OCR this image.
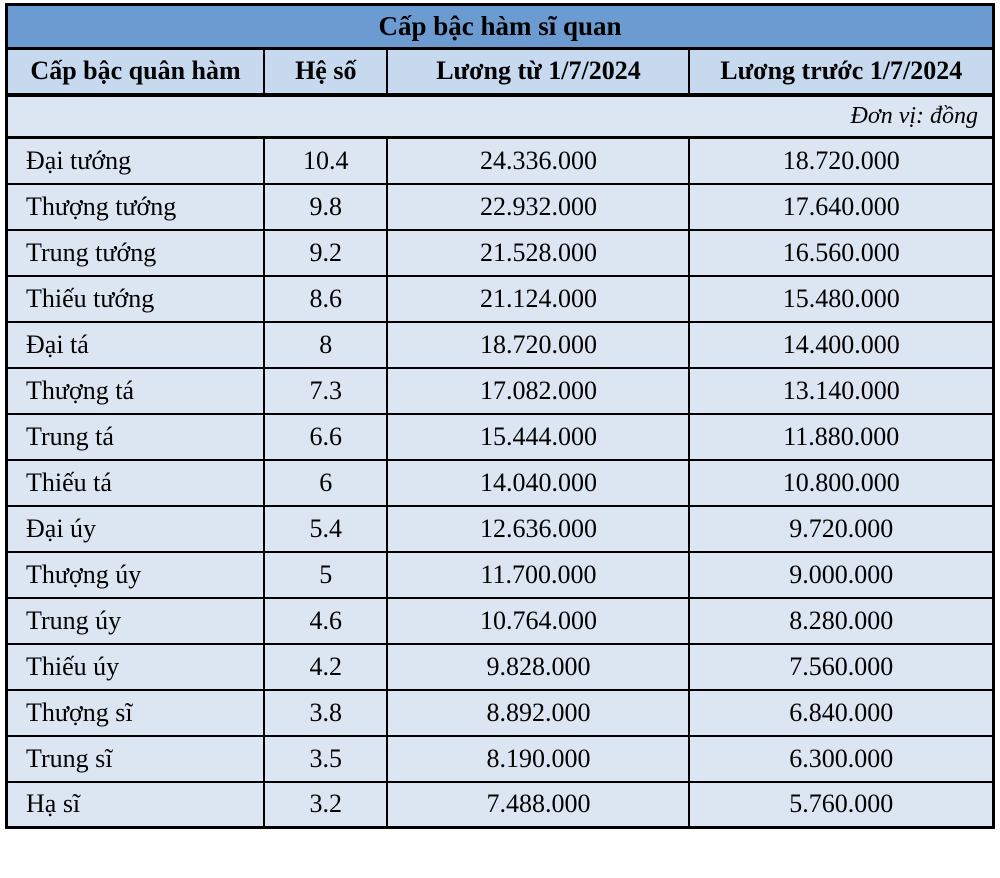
Cấp bậc hàm sĩ quan			
Cấp bậc quân hàm	Hệ số	Lương từ 1/7/2024	Lương trước 1/7/2024
Đơn vị: đồng			
Đại tướng	10.4	24.336.000	18.720.000
Thượng tướng	9.8	22.932.000	17.640.000
Trung tướng	9.2	21.528.000	16.560.000
Thiếu tướng	8.6	21.124.000	15.480.000
Đại tá	8	18.720.000	14.400.000
Thượng tá	7.3	17.082.000	13.140.000
Trung tá	6.6	15.444.000	11.880.000
Thiếu tá	6	14.040.000	10.800.000
Đại úy	5.4	12.636.000	9.720.000
Thượng úy	5	11.700.000	9.000.000
Trung úy	4.6	10.764.000	8.280.000
Thiếu úy	4.2	9.828.000	7.560.000
Thượng sĩ	3.8	8.892.000	6.840.000
Trung sĩ	3.5	8.190.000	6.300.000
Hạ sĩ	3.2	7.488.000	5.760.000
